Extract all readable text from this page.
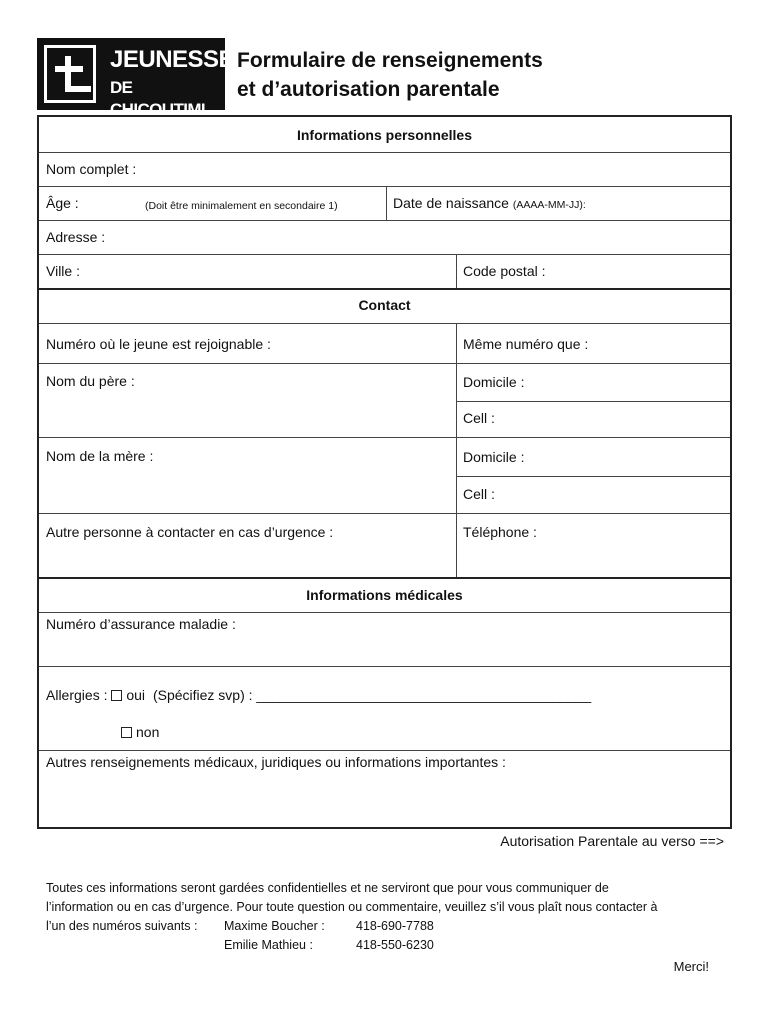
JEUNESSE
DE CHICOUTIMI
Formulaire de renseignements
et d’autorisation parentale
Informations personnelles
Nom complet :
Âge :	(Doit être minimalement en secondaire 1)	Date de naissance (AAAA-MM-JJ):
Adresse :
Ville :	Code postal :
Contact
Numéro où le jeune est rejoignable :	Même numéro que :
Nom du père :	Domicile :
Cell :
Nom de la mère :	Domicile :
Cell :
Autre personne à contacter en cas d’urgence :	Téléphone :
Informations médicales
Numéro d’assurance maladie :
Allergies : oui (Spécifiez svp) : ___________________________________________
non
Autres renseignements médicaux, juridiques ou informations importantes :
Autorisation Parentale au verso ==>
Toutes ces informations seront gardées confidentielles et ne serviront que pour vous communiquer de
l’information ou en cas d’urgence. Pour toute question ou commentaire, veuillez s’il vous plaît nous contacter à
l’un des numéros suivants : Maxime Boucher :	418-690-7788
Emilie Mathieu :	418-550-6230
Merci!
